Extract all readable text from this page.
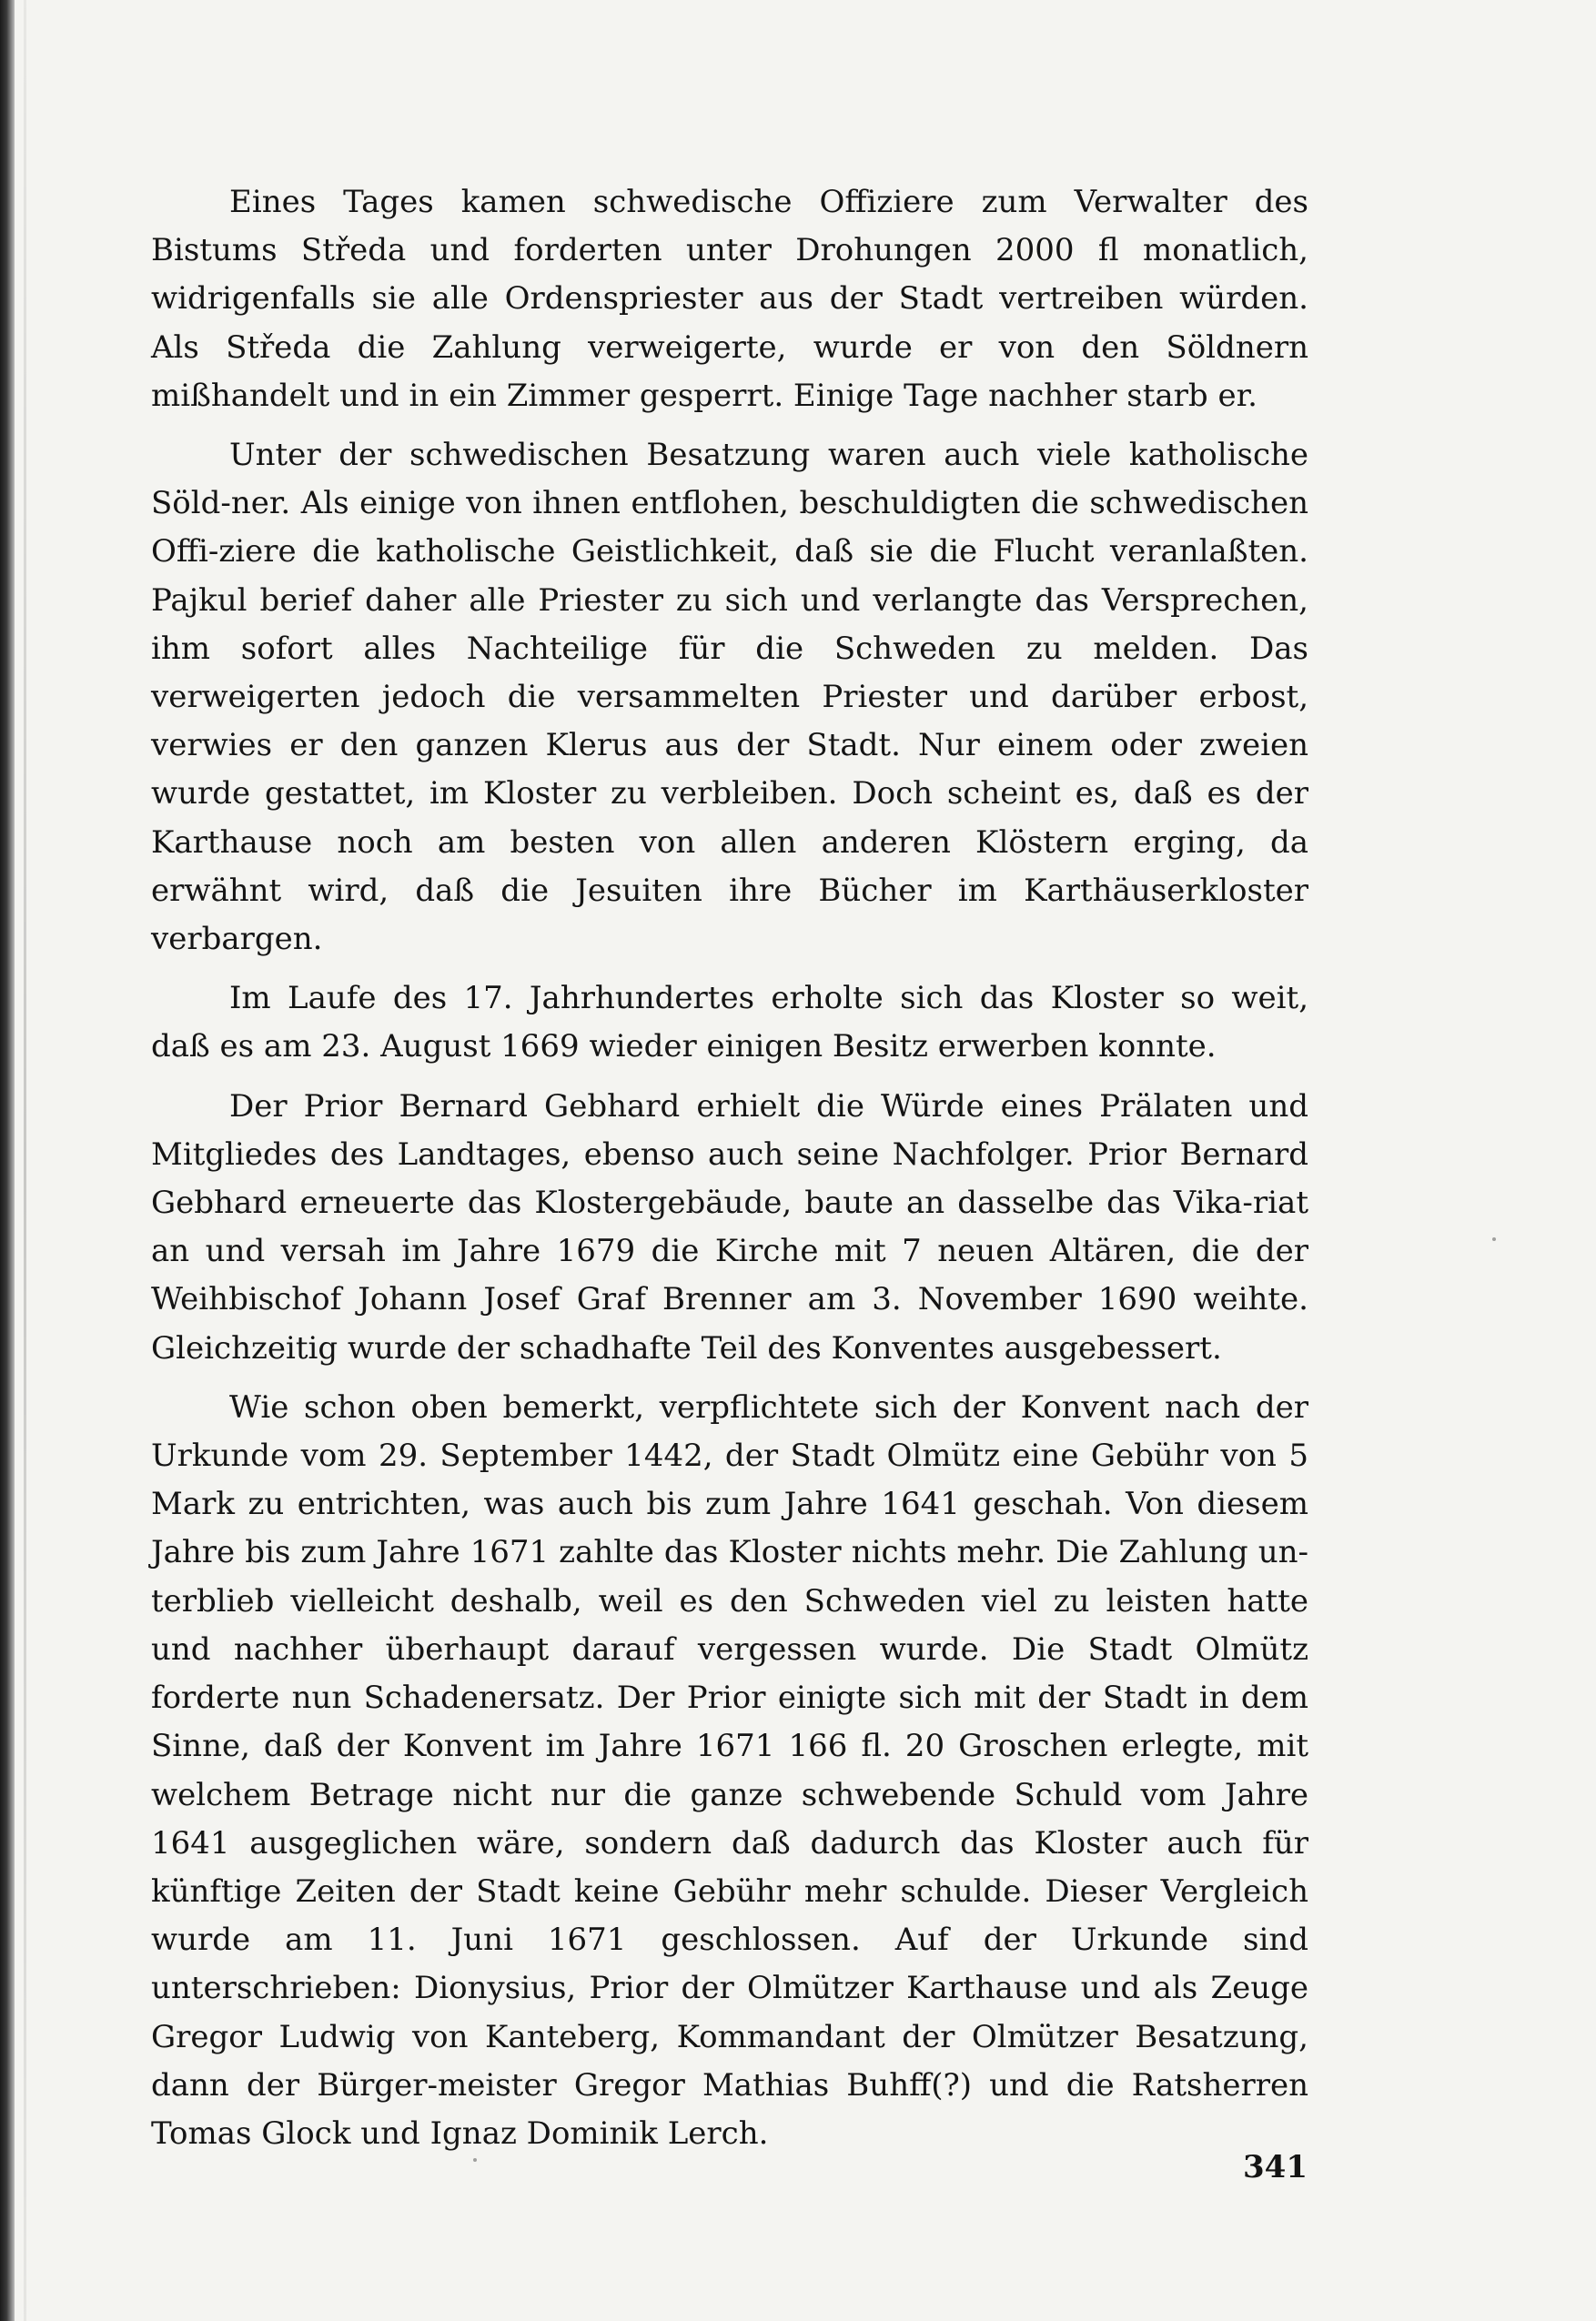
Eines Tages kamen schwedische Offiziere zum Verwalter des Bistums Středa und forderten unter Drohungen 2000 fl monatlich, widrigenfalls sie alle Ordenspriester aus der Stadt vertreiben würden. Als Středa die Zahlung verweigerte, wurde er von den Söldnern mißhandelt und in ein Zimmer gesperrt. Einige Tage nachher starb er.

Unter der schwedischen Besatzung waren auch viele katholische Söld-ner. Als einige von ihnen entflohen, beschuldigten die schwedischen Offi-ziere die katholische Geistlichkeit, daß sie die Flucht veranlaßten. Pajkul berief daher alle Priester zu sich und verlangte das Versprechen, ihm sofort alles Nachteilige für die Schweden zu melden. Das verweigerten jedoch die versammelten Priester und darüber erbost, verwies er den ganzen Klerus aus der Stadt. Nur einem oder zweien wurde gestattet, im Kloster zu verbleiben. Doch scheint es, daß es der Karthause noch am besten von allen anderen Klöstern erging, da erwähnt wird, daß die Jesuiten ihre Bücher im Karthäuserkloster verbargen.

Im Laufe des 17. Jahrhundertes erholte sich das Kloster so weit, daß es am 23. August 1669 wieder einigen Besitz erwerben konnte.

Der Prior Bernard Gebhard erhielt die Würde eines Prälaten und Mitgliedes des Landtages, ebenso auch seine Nachfolger. Prior Bernard Gebhard erneuerte das Klostergebäude, baute an dasselbe das Vika-riat an und versah im Jahre 1679 die Kirche mit 7 neuen Altären, die der Weihbischof Johann Josef Graf Brenner am 3. November 1690 weihte. Gleichzeitig wurde der schadhafte Teil des Konventes ausgebessert.

Wie schon oben bemerkt, verpflichtete sich der Konvent nach der Urkunde vom 29. September 1442, der Stadt Olmütz eine Gebühr von 5 Mark zu entrichten, was auch bis zum Jahre 1641 geschah. Von diesem Jahre bis zum Jahre 1671 zahlte das Kloster nichts mehr. Die Zahlung un-terblieb vielleicht deshalb, weil es den Schweden viel zu leisten hatte und nachher überhaupt darauf vergessen wurde. Die Stadt Olmütz forderte nun Schadenersatz. Der Prior einigte sich mit der Stadt in dem Sinne, daß der Konvent im Jahre 1671 166 fl. 20 Groschen erlegte, mit welchem Betrage nicht nur die ganze schwebende Schuld vom Jahre 1641 ausgeglichen wäre, sondern daß dadurch das Kloster auch für künftige Zeiten der Stadt keine Gebühr mehr schulde. Dieser Vergleich wurde am 11. Juni 1671 geschlossen. Auf der Urkunde sind unterschrieben: Dionysius, Prior der Olmützer Karthause und als Zeuge Gregor Ludwig von Kanteberg, Kommandant der Olmützer Besatzung, dann der Bürger-meister Gregor Mathias Buhff(?) und die Ratsherren Tomas Glock und Ignaz Dominik Lerch.

341
